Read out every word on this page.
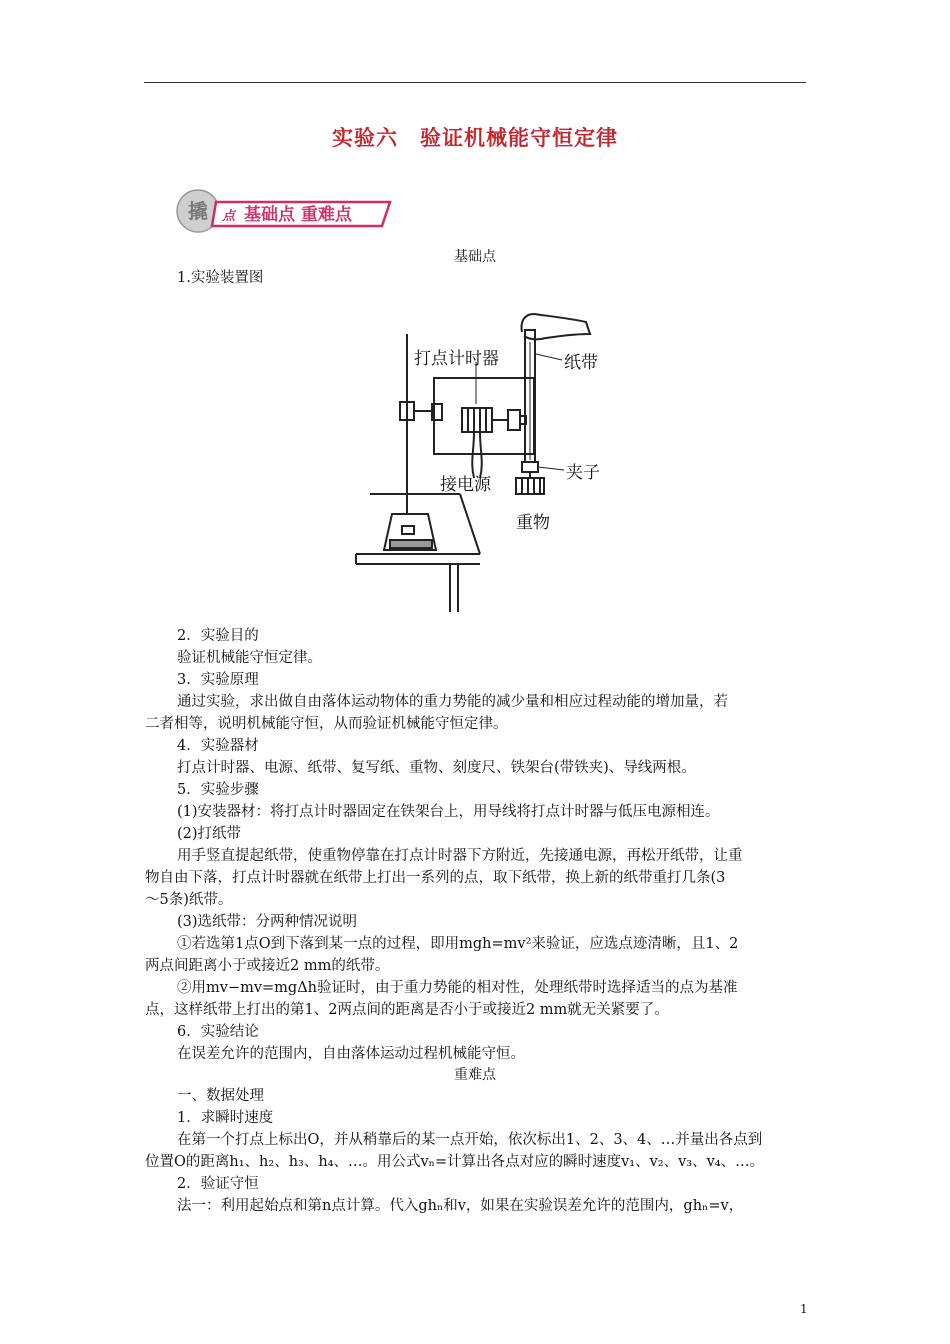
实验六　验证机械能守恒定律
撬 点 基础点 重难点
基础点
1.实验装置图
打点计时器	纸带
接电源
夹子
重物
2．实验目的
验证机械能守恒定律。
3．实验原理
通过实验，求出做自由落体运动物体的重力势能的减少量和相应过程动能的增加量，若
二者相等，说明机械能守恒，从而验证机械能守恒定律。
4．实验器材
打点计时器、电源、纸带、复写纸、重物、刻度尺、铁架台(带铁夹)、导线两根。
5．实验步骤
(1)安装器材：将打点计时器固定在铁架台上，用导线将打点计时器与低压电源相连。
(2)打纸带
用手竖直提起纸带，使重物停靠在打点计时器下方附近，先接通电源，再松开纸带，让重
物自由下落，打点计时器就在纸带上打出一系列的点，取下纸带，换上新的纸带重打几条(3
～5条)纸带。
(3)选纸带：分两种情况说明
①若选第1点O到下落到某一点的过程，即用mgh=mv²来验证，应选点迹清晰，且1、2
两点间距离小于或接近2 mm的纸带。
②用mv−mv=mgΔh验证时，由于重力势能的相对性，处理纸带时选择适当的点为基准
点，这样纸带上打出的第1、2两点间的距离是否小于或接近2 mm就无关紧要了。
6．实验结论
在误差允许的范围内，自由落体运动过程机械能守恒。
重难点
一、数据处理
1．求瞬时速度
在第一个打点上标出O，并从稍靠后的某一点开始，依次标出1、2、3、4、…并量出各点到
位置O的距离h₁、h₂、h₃、h₄、…。用公式vₙ=计算出各点对应的瞬时速度v₁、v₂、v₃、v₄、…。
2．验证守恒
法一：利用起始点和第n点计算。代入ghₙ和v，如果在实验误差允许的范围内，ghₙ=v，
1
